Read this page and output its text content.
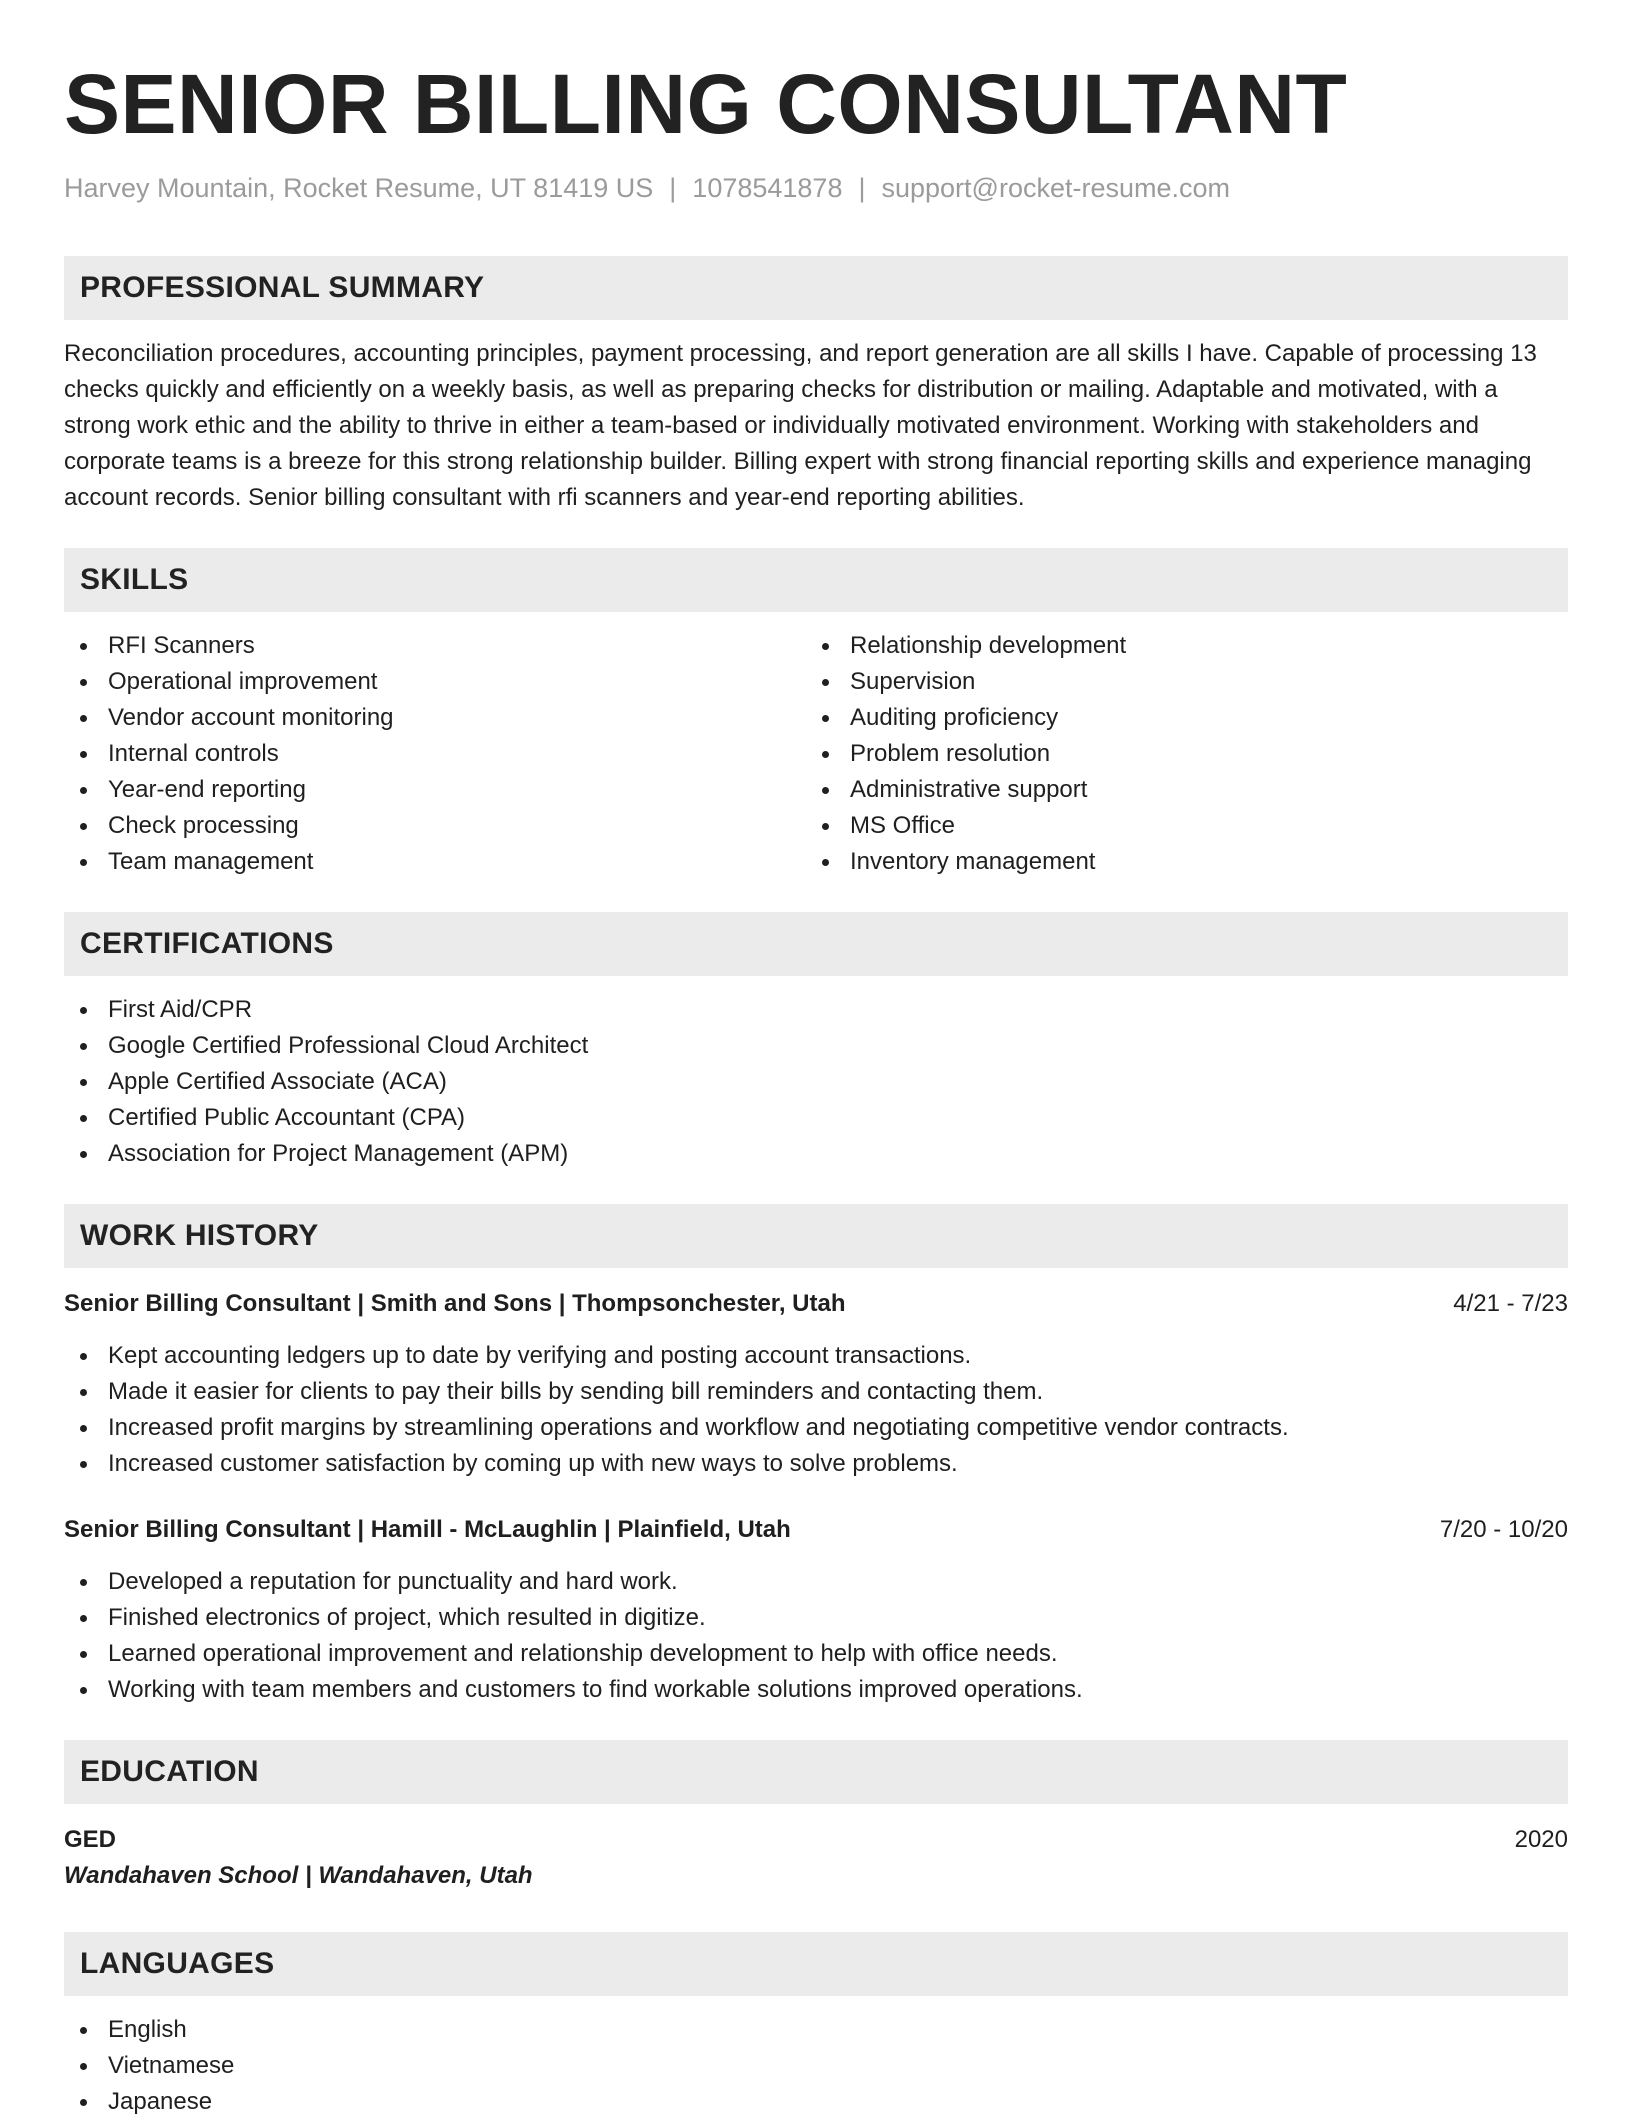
SENIOR BILLING CONSULTANT
Harvey Mountain, Rocket Resume, UT 81419 US | 1078541878 | support@rocket-resume.com
PROFESSIONAL SUMMARY
Reconciliation procedures, accounting principles, payment processing, and report generation are all skills I have. Capable of processing 13 checks quickly and efficiently on a weekly basis, as well as preparing checks for distribution or mailing. Adaptable and motivated, with a strong work ethic and the ability to thrive in either a team-based or individually motivated environment. Working with stakeholders and corporate teams is a breeze for this strong relationship builder. Billing expert with strong financial reporting skills and experience managing account records. Senior billing consultant with rfi scanners and year-end reporting abilities.
SKILLS
RFI Scanners
Operational improvement
Vendor account monitoring
Internal controls
Year-end reporting
Check processing
Team management
Relationship development
Supervision
Auditing proficiency
Problem resolution
Administrative support
MS Office
Inventory management
CERTIFICATIONS
First Aid/CPR
Google Certified Professional Cloud Architect
Apple Certified Associate (ACA)
Certified Public Accountant (CPA)
Association for Project Management (APM)
WORK HISTORY
Senior Billing Consultant | Smith and Sons | Thompsonchester, Utah	4/21 - 7/23
Kept accounting ledgers up to date by verifying and posting account transactions.
Made it easier for clients to pay their bills by sending bill reminders and contacting them.
Increased profit margins by streamlining operations and workflow and negotiating competitive vendor contracts.
Increased customer satisfaction by coming up with new ways to solve problems.
Senior Billing Consultant | Hamill - McLaughlin | Plainfield, Utah	7/20 - 10/20
Developed a reputation for punctuality and hard work.
Finished electronics of project, which resulted in digitize.
Learned operational improvement and relationship development to help with office needs.
Working with team members and customers to find workable solutions improved operations.
EDUCATION
GED	2020
Wandahaven School | Wandahaven, Utah
LANGUAGES
English
Vietnamese
Japanese
